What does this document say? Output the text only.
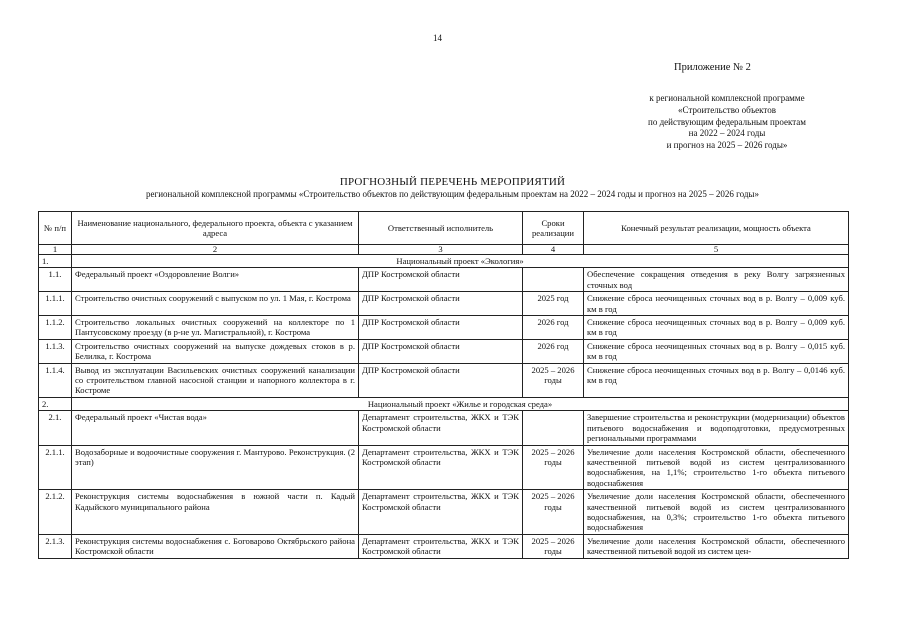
14
Приложение № 2
к региональной комплексной программе
«Строительство объектов
по действующим федеральным проектам
на 2022 – 2024 годы
и прогноз на 2025 – 2026 годы»
ПРОГНОЗНЫЙ ПЕРЕЧЕНЬ МЕРОПРИЯТИЙ
региональной комплексной программы «Строительство объектов по действующим федеральным проектам на 2022 – 2024 годы и прогноз на 2025 – 2026 годы»
№ п/п	Наименование национального, федерального проекта, объекта с указанием адреса	Ответственный исполнитель	Сроки реализации	Конечный результат реализации, мощность объекта
1	2	3	4	5
1.	Национальный проект «Экология»			
1.1.	Федеральный проект «Оздоровление Волги»	ДПР Костромской области		Обеспечение сокращения отведения в реку Волгу загрязненных сточных вод
1.1.1.	Строительство очистных сооружений с выпуском по ул. 1 Мая, г. Кострома	ДПР Костромской области	2025 год	Снижение сброса неочищенных сточных вод в р. Волгу – 0,009 куб. км в год
1.1.2.	Строительство локальных очистных сооружений на коллекторе по 1 Пантусовскому проезду (в р-не ул. Магистральной), г. Кострома	ДПР Костромской области	2026 год	Снижение сброса неочищенных сточных вод в р. Волгу – 0,009 куб. км в год
1.1.3.	Строительство очистных сооружений на выпуске дождевых стоков в р. Белилка, г. Кострома	ДПР Костромской области	2026 год	Снижение сброса неочищенных сточных вод в р. Волгу – 0,015 куб. км в год
1.1.4.	Вывод из эксплуатации Васильевских очистных сооружений канализации со строительством главной насосной станции и напорного коллектора в г. Костроме	ДПР Костромской области	2025 – 2026 годы	Снижение сброса неочищенных сточных вод в р. Волгу – 0,0146 куб. км в год
2.	Национальный проект «Жилье и городская среда»			
2.1.	Федеральный проект «Чистая вода»	Департамент строительства, ЖКХ и ТЭК Костромской области		Завершение строительства и реконструкции (модернизации) объектов питьевого водоснабжения и водоподготовки, предусмотренных региональными программами
2.1.1.	Водозаборные и водоочистные сооружения г. Мантурово. Реконструкция. (2 этап)	Департамент строительства, ЖКХ и ТЭК Костромской области	2025 – 2026 годы	Увеличение доли населения Костромской области, обеспеченного качественной питьевой водой из систем централизованного водоснабжения, на 1,1%; строительство 1-го объекта питьевого водоснабжения
2.1.2.	Реконструкция системы водоснабжения в южной части п. Кадый Кадыйского муниципального района	Департамент строительства, ЖКХ и ТЭК Костромской области	2025 – 2026 годы	Увеличение доли населения Костромской области, обеспеченного качественной питьевой водой из систем централизованного водоснабжения, на 0,3%; строительство 1-го объекта питьевого водоснабжения
2.1.3.	Реконструкция системы водоснабжения с. Боговарово Октябрьского района Костромской области	Департамент строительства, ЖКХ и ТЭК Костромской области	2025 – 2026 годы	Увеличение доли населения Костромской области, обеспеченного качественной питьевой водой из систем цен-
